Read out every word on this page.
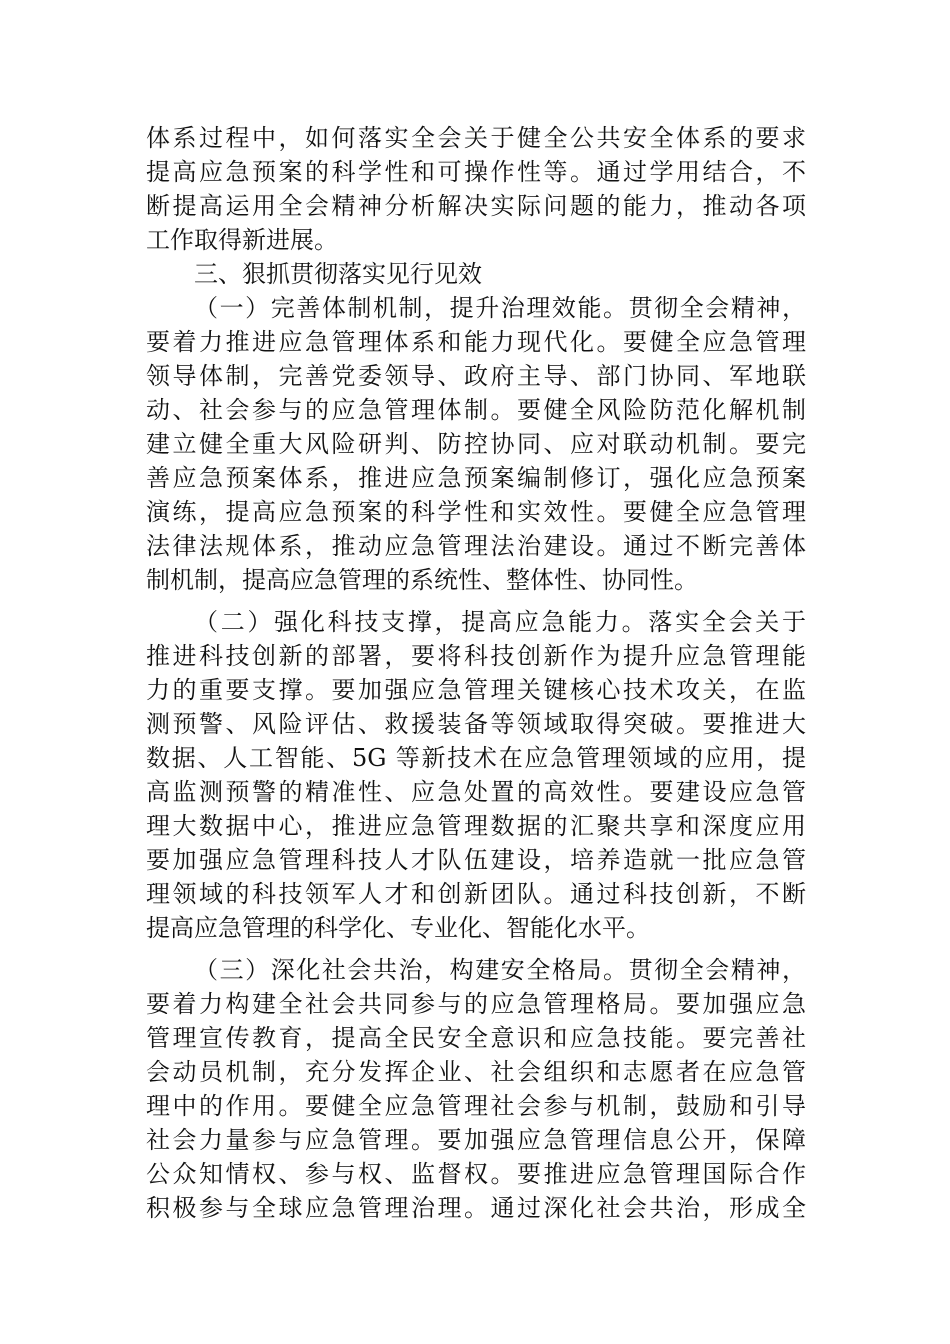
体系过程中，如何落实全会关于健全公共安全体系的要求
提高应急预案的科学性和可操作性等。通过学用结合，不
断提高运用全会精神分析解决实际问题的能力，推动各项
工作取得新进展。
三、狠抓贯彻落实见行见效
（一）完善体制机制，提升治理效能。贯彻全会精神，
要着力推进应急管理体系和能力现代化。要健全应急管理
领导体制，完善党委领导、政府主导、部门协同、军地联
动、社会参与的应急管理体制。要健全风险防范化解机制
建立健全重大风险研判、防控协同、应对联动机制。要完
善应急预案体系，推进应急预案编制修订，强化应急预案
演练，提高应急预案的科学性和实效性。要健全应急管理
法律法规体系，推动应急管理法治建设。通过不断完善体
制机制，提高应急管理的系统性、整体性、协同性。
（二）强化科技支撑，提高应急能力。落实全会关于
推进科技创新的部署，要将科技创新作为提升应急管理能
力的重要支撑。要加强应急管理关键核心技术攻关，在监
测预警、风险评估、救援装备等领域取得突破。要推进大
数据、人工智能、5G 等新技术在应急管理领域的应用，提
高监测预警的精准性、应急处置的高效性。要建设应急管
理大数据中心，推进应急管理数据的汇聚共享和深度应用
要加强应急管理科技人才队伍建设，培养造就一批应急管
理领域的科技领军人才和创新团队。通过科技创新，不断
提高应急管理的科学化、专业化、智能化水平。
（三）深化社会共治，构建安全格局。贯彻全会精神，
要着力构建全社会共同参与的应急管理格局。要加强应急
管理宣传教育，提高全民安全意识和应急技能。要完善社
会动员机制，充分发挥企业、社会组织和志愿者在应急管
理中的作用。要健全应急管理社会参与机制，鼓励和引导
社会力量参与应急管理。要加强应急管理信息公开，保障
公众知情权、参与权、监督权。要推进应急管理国际合作
积极参与全球应急管理治理。通过深化社会共治，形成全
